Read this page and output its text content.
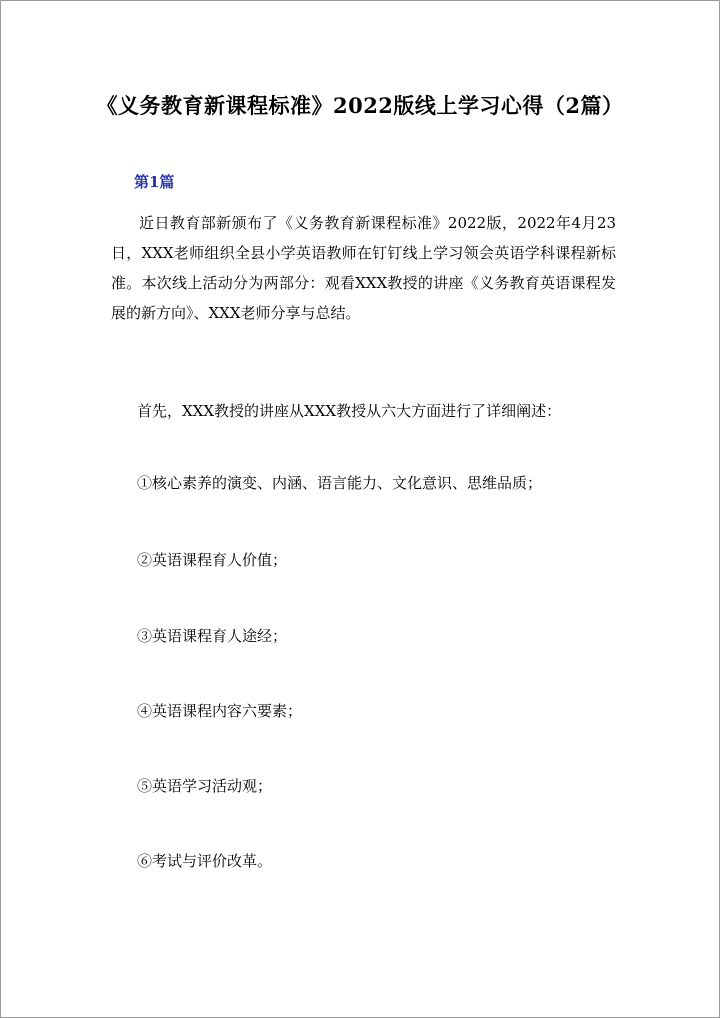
《义务教育新课程标准》2022版线上学习心得（2篇）
第1篇

近日教育部新颁布了《义务教育新课程标准》2022版，2022年4月23日，XXX老师组织全县小学英语教师在钉钉线上学习领会英语学科课程新标准。本次线上活动分为两部分：观看XXX教授的讲座《义务教育英语课程发展的新方向》、XXX老师分享与总结。

首先，XXX教授的讲座从XXX教授从六大方面进行了详细阐述：

①核心素养的演变、内涵、语言能力、文化意识、思维品质；

②英语课程育人价值；

③英语课程育人途经；

④英语课程内容六要素；

⑤英语学习活动观；

⑥考试与评价改革。
